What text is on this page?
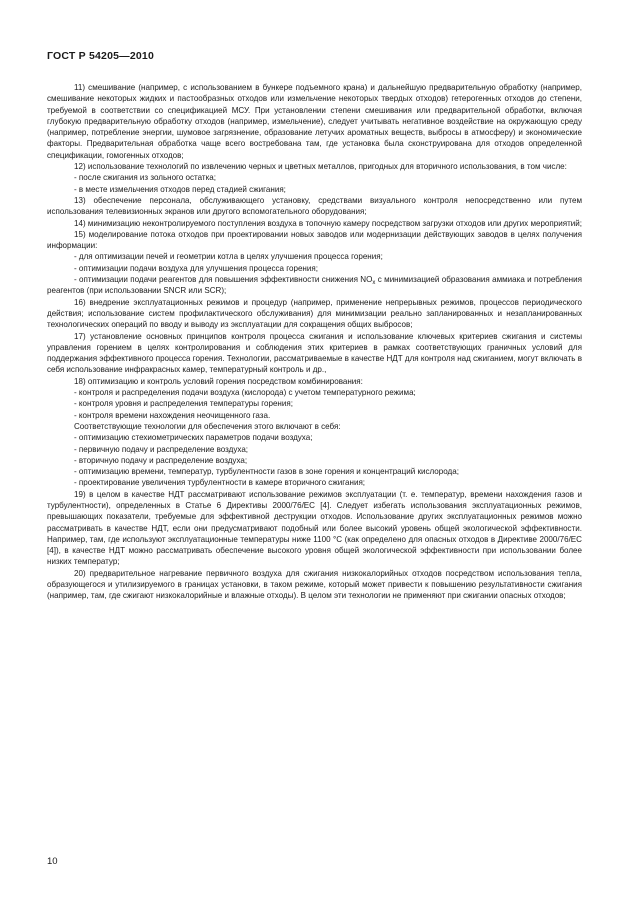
ГОСТ Р 54205—2010

11) смешивание (например, с использованием в бункере подъемного крана) и дальнейшую предварительную обработку (например, смешивание некоторых жидких и пастообразных отходов или измельчение некоторых твердых отходов) гетерогенных отходов до степени, требуемой в соответствии со спецификацией МСУ. При установлении степени смешивания или предварительной обработки, включая глубокую предварительную обработку отходов (например, измельчение), следует учитывать негативное воздействие на окружающую среду (например, потребление энергии, шумовое загрязнение, образование летучих ароматных веществ, выбросы в атмосферу) и экономические факторы. Предварительная обработка чаще всего востребована там, где установка была сконструирована для отходов определенной спецификации, гомогенных отходов;

12) использование технологий по извлечению черных и цветных металлов, пригодных для вторичного использования, в том числе:

- после сжигания из зольного остатка;

- в месте измельчения отходов перед стадией сжигания;

13) обеспечение персонала, обслуживающего установку, средствами визуального контроля непосредственно или путем использования телевизионных экранов или другого вспомогательного оборудования;

14) минимизацию неконтролируемого поступления воздуха в топочную камеру посредством загрузки отходов или других мероприятий;

15) моделирование потока отходов при проектировании новых заводов или модернизации действующих заводов в целях получения информации:

- для оптимизации печей и геометрии котла в целях улучшения процесса горения;

- оптимизации подачи воздуха для улучшения процесса горения;

- оптимизации подачи реагентов для повышения эффективности снижения $NO_x$ с минимизацией образования аммиака и потребления реагентов (при использовании SNCR или SCR);

16) внедрение эксплуатационных режимов и процедур (например, применение непрерывных режимов, процессов периодического действия; использование систем профилактического обслуживания) для минимизации реально запланированных и незапланированных технологических операций по вводу и выводу из эксплуатации для сокращения общих выбросов;

17) установление основных принципов контроля процесса сжигания и использование ключевых критериев сжигания и системы управления горением в целях контролирования и соблюдения этих критериев в рамках соответствующих граничных условий для поддержания эффективного процесса горения. Технологии, рассматриваемые в качестве НДТ для контроля над сжиганием, могут включать в себя использование инфракрасных камер, температурный контроль и др.,

18) оптимизацию и контроль условий горения посредством комбинирования:

- контроля и распределения подачи воздуха (кислорода) с учетом температурного режима;

- контроля уровня и распределения температуры горения;

- контроля времени нахождения неочищенного газа.

Соответствующие технологии для обеспечения этого включают в себя:

- оптимизацию стехиометрических параметров подачи воздуха;

- первичную подачу и распределение воздуха;

- вторичную подачу и распределение воздуха;

- оптимизацию времени, температур, турбулентности газов в зоне горения и концентраций кислорода;

- проектирование увеличения турбулентности в камере вторичного сжигания;

19) в целом в качестве НДТ рассматривают использование режимов эксплуатации (т. е. температур, времени нахождения газов и турбулентности), определенных в Статье 6 Директивы 2000/76/ЕС [4]. Следует избегать использования эксплуатационных режимов, превышающих показатели, требуемые для эффективной деструкции отходов. Использование других эксплуатационных режимов можно рассматривать в качестве НДТ, если они предусматривают подобный или более высокий уровень общей экологической эффективности. Например, там, где используют эксплуатационные температуры ниже 1100 °С (как определено для опасных отходов в Директиве 2000/76/ЕС [4]), в качестве НДТ можно рассматривать обеспечение высокого уровня общей экологической эффективности при использовании более низких температур;

20) предварительное нагревание первичного воздуха для сжигания низкокалорийных отходов посредством использования тепла, образующегося и утилизируемого в границах установки, в таком режиме, который может привести к повышению результативности сжигания (например, там, где сжигают низкокалорийные и влажные отходы). В целом эти технологии не применяют при сжигании опасных отходов;

10
